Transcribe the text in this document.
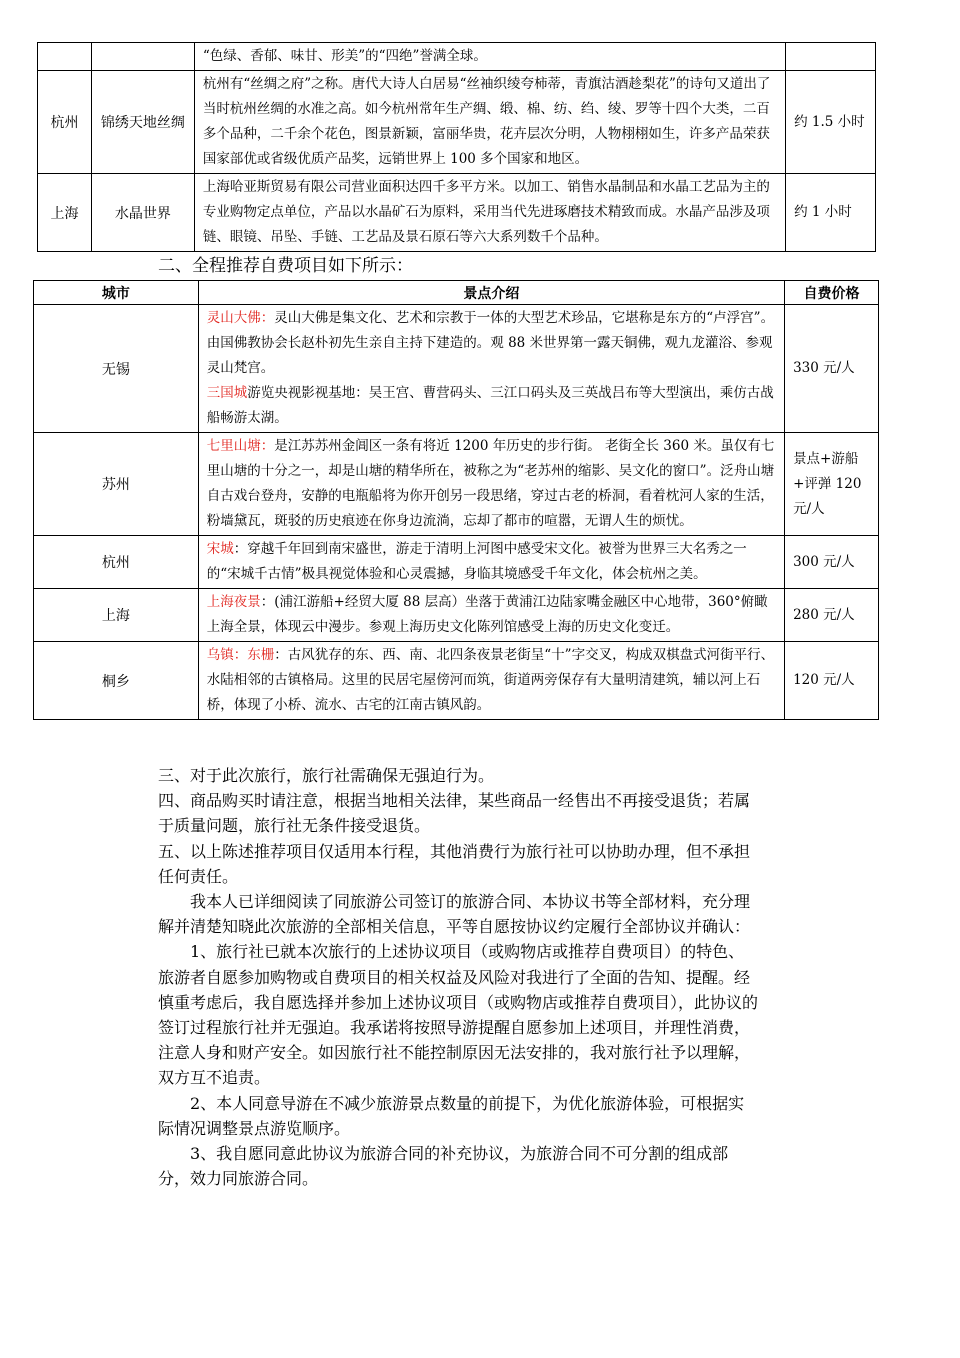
		“色绿、香郁、味甘、形美”的“四绝”誉满全球。	
杭州	锦绣天地丝绸	杭州有“丝绸之府”之称。唐代大诗人白居易“丝袖织绫夸柿蒂，青旗沽酒趁梨花”的诗句又道出了当时杭州丝绸的水准之高。如今杭州常年生产绸、缎、棉、纺、绉、绫、罗等十四个大类，二百多个品种，二千余个花色，图景新颖，富丽华贵，花卉层次分明，人物栩栩如生，许多产品荣获国家部优或省级优质产品奖，远销世界上 100 多个国家和地区。	约 1.5 小时
上海	水晶世界	上海哈亚斯贸易有限公司营业面积达四千多平方米。以加工、销售水晶制品和水晶工艺品为主的专业购物定点单位，产品以水晶矿石为原料，采用当代先进琢磨技术精致而成。水晶产品涉及项链、眼镜、吊坠、手链、工艺品及景石原石等六大系列数千个品种。	约 1 小时
二、全程推荐自费项目如下所示：
城市	景点介绍	自费价格
无锡	灵山大佛：灵山大佛是集文化、艺术和宗教于一体的大型艺术珍品，它堪称是东方的“卢浮宫”。由国佛教协会长赵朴初先生亲自主持下建造的。观 88 米世界第一露天铜佛，观九龙灌浴、参观灵山梵宫。
三国城游览央视影视基地：吴王宫、曹营码头、三江口码头及三英战吕布等大型演出，乘仿古战船畅游太湖。	330 元/人
苏州	七里山塘：是江苏苏州金阊区一条有将近 1200 年历史的步行街。 老街全长 360 米。虽仅有七里山塘的十分之一，却是山塘的精华所在，被称之为“老苏州的缩影、吴文化的窗口”。泛舟山塘自古戏台登舟，安静的电瓶船将为你开创另一段思绪，穿过古老的桥洞，看着枕河人家的生活，粉墙黛瓦，斑驳的历史痕迹在你身边流淌，忘却了都市的喧嚣，无谓人生的烦忧。	景点+游船+评弹 120 元/人
杭州	宋城：穿越千年回到南宋盛世，游走于清明上河图中感受宋文化。被誉为世界三大名秀之一的“宋城千古情”极具视觉体验和心灵震撼，身临其境感受千年文化，体会杭州之美。	300 元/人
上海	上海夜景：(浦江游船+经贸大厦 88 层高）坐落于黄浦江边陆家嘴金融区中心地带，360°俯瞰上海全景，体现云中漫步。参观上海历史文化陈列馆感受上海的历史文化变迁。	280 元/人
桐乡	乌镇：东栅：古风犹存的东、西、南、北四条夜景老街呈“十”字交叉，构成双棋盘式河街平行、水陆相邻的古镇格局。这里的民居宅屋傍河而筑，街道两旁保存有大量明清建筑，辅以河上石桥，体现了小桥、流水、古宅的江南古镇风韵。	120 元/人

三、对于此次旅行，旅行社需确保无强迫行为。

四、商品购买时请注意，根据当地相关法律，某些商品一经售出不再接受退货；若属于质量问题，旅行社无条件接受退货。

五、以上陈述推荐项目仅适用本行程，其他消费行为旅行社可以协助办理，但不承担任何责任。

我本人已详细阅读了同旅游公司签订的旅游合同、本协议书等全部材料，充分理解并清楚知晓此次旅游的全部相关信息，平等自愿按协议约定履行全部协议并确认：

1、旅行社已就本次旅行的上述协议项目（或购物店或推荐自费项目）的特色、旅游者自愿参加购物或自费项目的相关权益及风险对我进行了全面的告知、提醒。经慎重考虑后，我自愿选择并参加上述协议项目（或购物店或推荐自费项目），此协议的签订过程旅行社并无强迫。我承诺将按照导游提醒自愿参加上述项目，并理性消费，注意人身和财产安全。如因旅行社不能控制原因无法安排的，我对旅行社予以理解，双方互不追责。

2、本人同意导游在不减少旅游景点数量的前提下，为优化旅游体验，可根据实际情况调整景点游览顺序。

3、我自愿同意此协议为旅游合同的补充协议，为旅游合同不可分割的组成部分，效力同旅游合同。
